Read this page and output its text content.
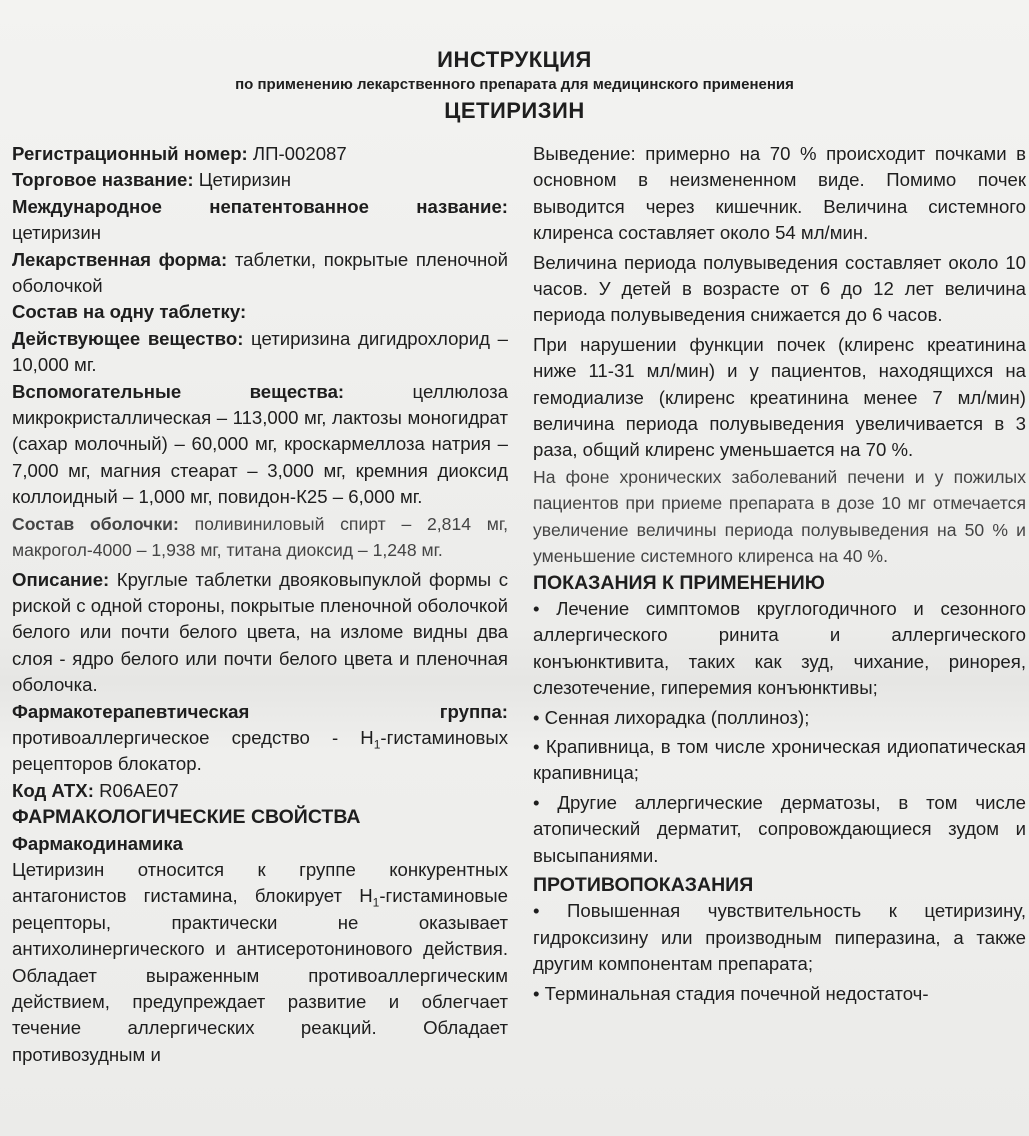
ИНСТРУКЦИЯ
по применению лекарственного препарата для медицинского применения
ЦЕТИРИЗИН

Регистрационный номер: ЛП-002087

Торговое название: Цетиризин

Международное непатентованное название: цетиризин

Лекарственная форма: таблетки, покрытые пленочной оболочкой

Состав на одну таблетку:

Действующее вещество: цетиризина дигидрохлорид – 10,000 мг.

Вспомогательные вещества:	целлюлоза микрокристаллическая – 113,000 мг, лактозы моногидрат (сахар молочный) – 60,000 мг, кроскармеллоза натрия – 7,000 мг, магния стеарат – 3,000 мг, кремния диоксид коллоидный – 1,000 мг, повидон-К25 – 6,000 мг.

Состав оболочки: поливиниловый спирт – 2,814 мг, макрогол-4000 – 1,938 мг, титана диоксид – 1,248 мг.

Описание: Круглые таблетки двояковыпуклой формы с риской с одной стороны, покрытые пленочной оболочкой белого или почти белого цвета, на изломе видны два слоя - ядро белого или почти белого цвета и пленочная оболочка.

Фармакотерапевтическая группа: противоаллергическое средство - $H_1$-гистаминовых рецепторов блокатор.

Код АТХ: R06AE07

ФАРМАКОЛОГИЧЕСКИЕ СВОЙСТВА

Фармакодинамика

Цетиризин относится к группе конкурентных антагонистов гистамина, блокирует $H_1$-гистаминовые рецепторы, практически не оказывает антихолинергического и антисеротонинового действия. Обладает выраженным противоаллергическим действием, предупреждает развитие и облегчает течение аллергических реакций. Обладает противозудным и

Выведение: примерно на 70 % происходит почками в основном в неизмененном виде. Помимо почек выводится через кишечник. Величина системного клиренса составляет около 54 мл/мин.

Величина периода полувыведения составляет около 10 часов. У детей в возрасте от 6 до 12 лет величина периода полувыведения снижается до 6 часов.

При нарушении функции почек (клиренс креатинина ниже 11-31 мл/мин) и у пациентов, находящихся на гемодиализе (клиренс креатинина менее 7 мл/мин) величина периода полувыведения увеличивается в 3 раза, общий клиренс уменьшается на 70 %.

На фоне хронических заболеваний печени и у пожилых пациентов при приеме препарата в дозе 10 мг отмечается увеличение величины периода полувыведения на 50 % и уменьшение системного клиренса на 40 %.

ПОКАЗАНИЯ К ПРИМЕНЕНИЮ

• Лечение симптомов круглогодичного и сезонного аллергического ринита и аллергического конъюнктивита, таких как зуд, чихание, ринорея, слезотечение, гиперемия конъюнктивы;

• Сенная лихорадка (поллиноз);

• Крапивница, в том числе хроническая идиопатическая крапивница;

• Другие аллергические дерматозы, в том числе атопический дерматит, сопровождающиеся зудом и высыпаниями.

ПРОТИВОПОКАЗАНИЯ

• Повышенная чувствительность к цетиризину, гидроксизину или производным пиперазина, а также другим компонентам препарата;

• Терминальная стадия почечной недостаточ-
